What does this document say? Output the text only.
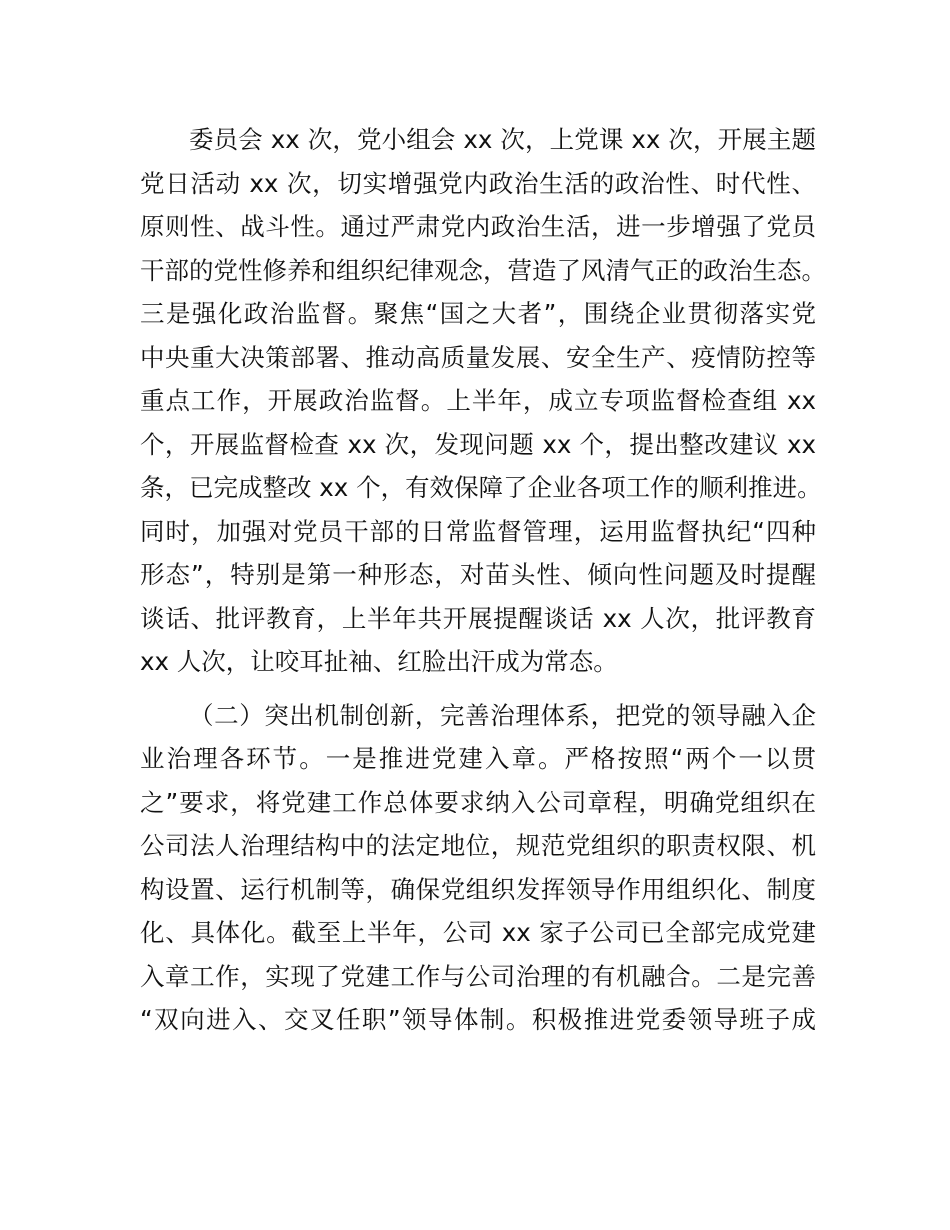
委员会 xx 次，党小组会 xx 次，上党课 xx 次，开展主题
党日活动 xx 次，切实增强党内政治生活的政治性、时代性、
原则性、战斗性。通过严肃党内政治生活，进一步增强了党员
干部的党性修养和组织纪律观念，营造了风清气正的政治生态。
三是强化政治监督。聚焦“国之大者”，围绕企业贯彻落实党
中央重大决策部署、推动高质量发展、安全生产、疫情防控等
重点工作，开展政治监督。上半年，成立专项监督检查组 xx
个，开展监督检查 xx 次，发现问题 xx 个，提出整改建议 xx
条，已完成整改 xx 个，有效保障了企业各项工作的顺利推进。
同时，加强对党员干部的日常监督管理，运用监督执纪“四种
形态”，特别是第一种形态，对苗头性、倾向性问题及时提醒
谈话、批评教育，上半年共开展提醒谈话 xx 人次，批评教育
xx 人次，让咬耳扯袖、红脸出汗成为常态。
（二）突出机制创新，完善治理体系，把党的领导融入企
业治理各环节。一是推进党建入章。严格按照“两个一以贯
之”要求，将党建工作总体要求纳入公司章程，明确党组织在
公司法人治理结构中的法定地位，规范党组织的职责权限、机
构设置、运行机制等，确保党组织发挥领导作用组织化、制度
化、具体化。截至上半年，公司 xx 家子公司已全部完成党建
入章工作，实现了党建工作与公司治理的有机融合。二是完善
“双向进入、交叉任职”领导体制。积极推进党委领导班子成
